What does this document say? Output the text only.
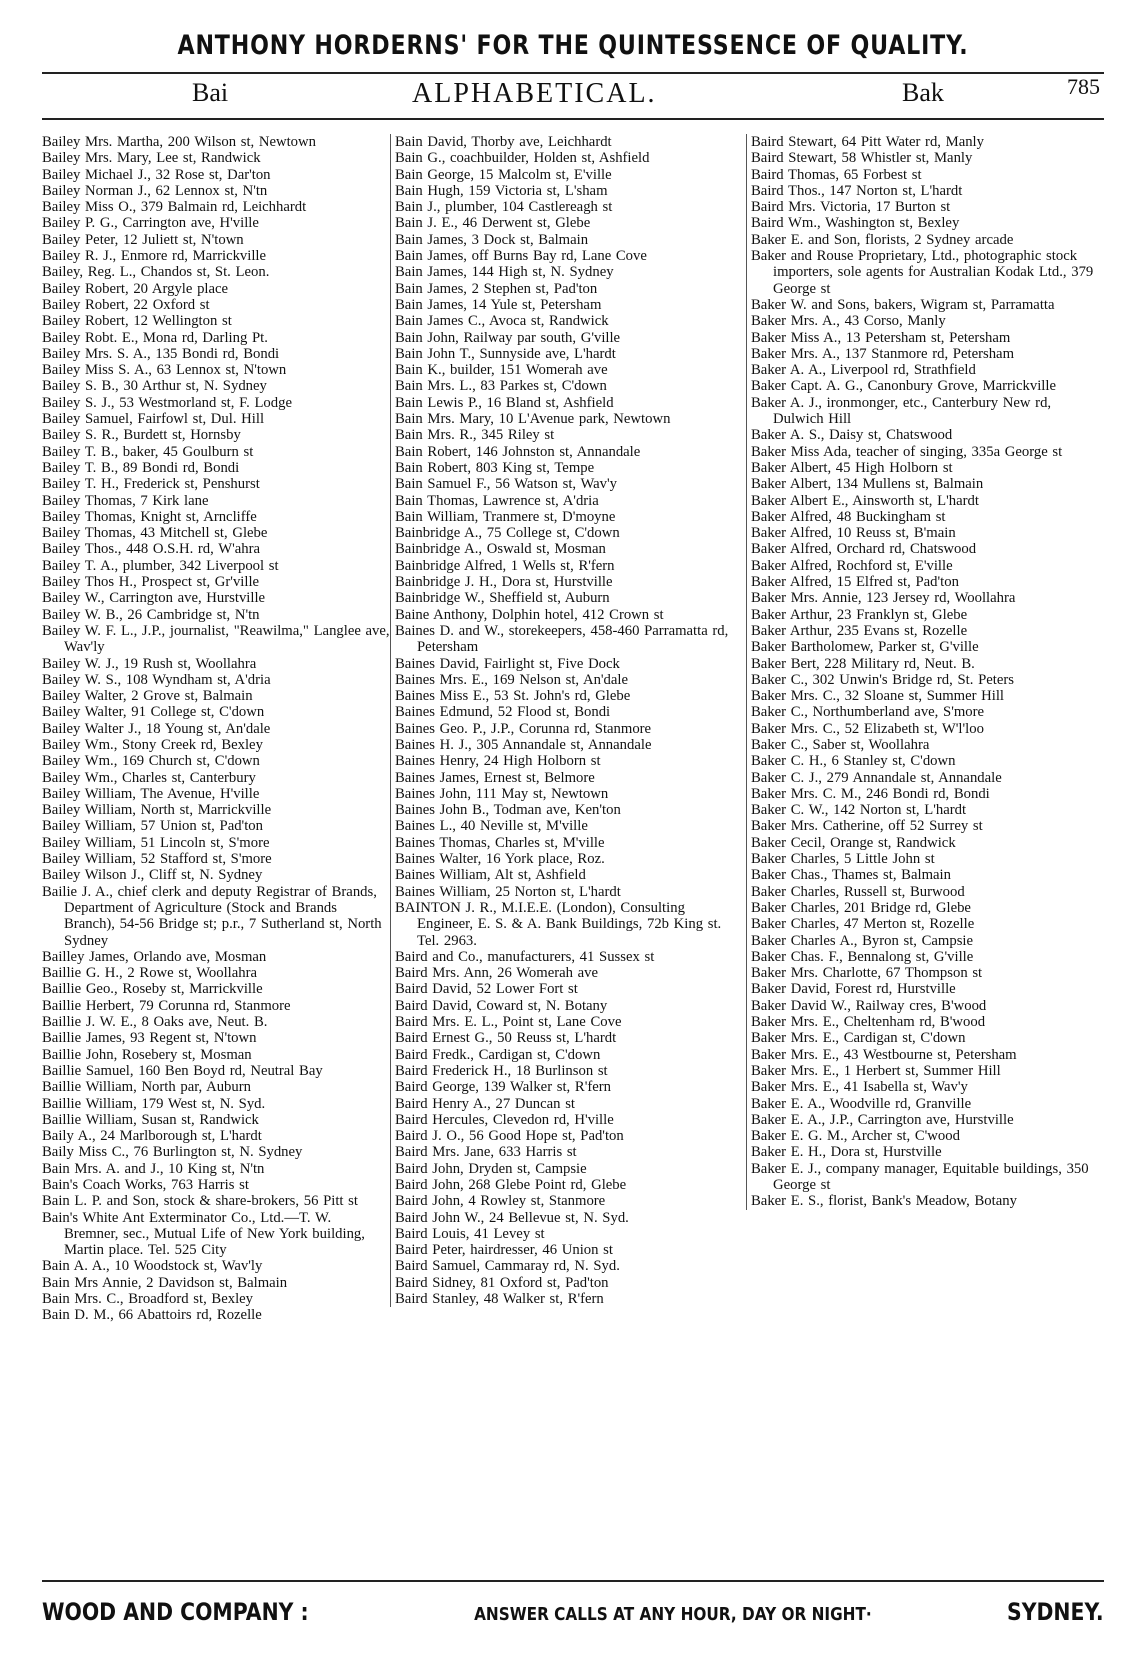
ANTHONY HORDERNS' FOR THE QUINTESSENCE OF QUALITY.
Bai	ALPHABETICAL.	Bak	785
Bailey Mrs. Martha, 200 Wilson st, Newtown
Bailey Mrs. Mary, Lee st, Randwick
Bailey Michael J., 32 Rose st, Dar'ton
Bailey Norman J., 62 Lennox st, N'tn
Bailey Miss O., 379 Balmain rd, Leichhardt
Bailey P. G., Carrington ave, H'ville
Bailey Peter, 12 Juliett st, N'town
Bailey R. J., Enmore rd, Marrickville
Bailey, Reg. L., Chandos st, St. Leon.
Bailey Robert, 20 Argyle place
Bailey Robert, 22 Oxford st
Bailey Robert, 12 Wellington st
Bailey Robt. E., Mona rd, Darling Pt.
Bailey Mrs. S. A., 135 Bondi rd, Bondi
Bailey Miss S. A., 63 Lennox st, N'town
Bailey S. B., 30 Arthur st, N. Sydney
Bailey S. J., 53 Westmorland st, F. Lodge
Bailey Samuel, Fairfowl st, Dul. Hill
Bailey S. R., Burdett st, Hornsby
Bailey T. B., baker, 45 Goulburn st
Bailey T. B., 89 Bondi rd, Bondi
Bailey T. H., Frederick st, Penshurst
Bailey Thomas, 7 Kirk lane
Bailey Thomas, Knight st, Arncliffe
Bailey Thomas, 43 Mitchell st, Glebe
Bailey Thos., 448 O.S.H. rd, W'ahra
Bailey T. A., plumber, 342 Liverpool st
Bailey Thos H., Prospect st, Gr'ville
Bailey W., Carrington ave, Hurstville
Bailey W. B., 26 Cambridge st, N'tn
Bailey W. F. L., J.P., journalist, "Reawilma," Langlee ave, Wav'ly
Bailey W. J., 19 Rush st, Woollahra
Bailey W. S., 108 Wyndham st, A'dria
Bailey Walter, 2 Grove st, Balmain
Bailey Walter, 91 College st, C'down
Bailey Walter J., 18 Young st, An'dale
Bailey Wm., Stony Creek rd, Bexley
Bailey Wm., 169 Church st, C'down
Bailey Wm., Charles st, Canterbury
Bailey William, The Avenue, H'ville
Bailey William, North st, Marrickville
Bailey William, 57 Union st, Pad'ton
Bailey William, 51 Lincoln st, S'more
Bailey William, 52 Stafford st, S'more
Bailey Wilson J., Cliff st, N. Sydney
Bailie J. A., chief clerk and deputy Registrar of Brands, Department of Agriculture (Stock and Brands Branch), 54-56 Bridge st; p.r., 7 Sutherland st, North Sydney
Bailley James, Orlando ave, Mosman
Baillie G. H., 2 Rowe st, Woollahra
Baillie Geo., Roseby st, Marrickville
Baillie Herbert, 79 Corunna rd, Stanmore
Baillie J. W. E., 8 Oaks ave, Neut. B.
Baillie James, 93 Regent st, N'town
Baillie John, Rosebery st, Mosman
Baillie Samuel, 160 Ben Boyd rd, Neutral Bay
Baillie William, North par, Auburn
Baillie William, 179 West st, N. Syd.
Baillie William, Susan st, Randwick
Baily A., 24 Marlborough st, L'hardt
Baily Miss C., 76 Burlington st, N. Sydney
Bain Mrs. A. and J., 10 King st, N'tn
Bain's Coach Works, 763 Harris st
Bain L. P. and Son, stock & share-brokers, 56 Pitt st
Bain's White Ant Exterminator Co., Ltd.—T. W. Bremner, sec., Mutual Life of New York building, Martin place. Tel. 525 City
Bain A. A., 10 Woodstock st, Wav'ly
Bain Mrs Annie, 2 Davidson st, Balmain
Bain Mrs. C., Broadford st, Bexley
Bain D. M., 66 Abattoirs rd, Rozelle
Bain David, Thorby ave, Leichhardt
Bain G., coachbuilder, Holden st, Ashfield
Bain George, 15 Malcolm st, E'ville
Bain Hugh, 159 Victoria st, L'sham
Bain J., plumber, 104 Castlereagh st
Bain J. E., 46 Derwent st, Glebe
Bain James, 3 Dock st, Balmain
Bain James, off Burns Bay rd, Lane Cove
Bain James, 144 High st, N. Sydney
Bain James, 2 Stephen st, Pad'ton
Bain James, 14 Yule st, Petersham
Bain James C., Avoca st, Randwick
Bain John, Railway par south, G'ville
Bain John T., Sunnyside ave, L'hardt
Bain K., builder, 151 Womerah ave
Bain Mrs. L., 83 Parkes st, C'down
Bain Lewis P., 16 Bland st, Ashfield
Bain Mrs. Mary, 10 L'Avenue park, Newtown
Bain Mrs. R., 345 Riley st
Bain Robert, 146 Johnston st, Annandale
Bain Robert, 803 King st, Tempe
Bain Samuel F., 56 Watson st, Wav'y
Bain Thomas, Lawrence st, A'dria
Bain William, Tranmere st, D'moyne
Bainbridge A., 75 College st, C'down
Bainbridge A., Oswald st, Mosman
Bainbridge Alfred, 1 Wells st, R'fern
Bainbridge J. H., Dora st, Hurstville
Bainbridge W., Sheffield st, Auburn
Baine Anthony, Dolphin hotel, 412 Crown st
Baines D. and W., storekeepers, 458-460 Parramatta rd, Petersham
Baines David, Fairlight st, Five Dock
Baines Mrs. E., 169 Nelson st, An'dale
Baines Miss E., 53 St. John's rd, Glebe
Baines Edmund, 52 Flood st, Bondi
Baines Geo. P., J.P., Corunna rd, Stanmore
Baines H. J., 305 Annandale st, Annandale
Baines Henry, 24 High Holborn st
Baines James, Ernest st, Belmore
Baines John, 111 May st, Newtown
Baines John B., Todman ave, Ken'ton
Baines L., 40 Neville st, M'ville
Baines Thomas, Charles st, M'ville
Baines Walter, 16 York place, Roz.
Baines William, Alt st, Ashfield
Baines William, 25 Norton st, L'hardt
BAINTON J. R., M.I.E.E. (London), Consulting Engineer, E. S. & A. Bank Buildings, 72b King st. Tel. 2963.
Baird and Co., manufacturers, 41 Sussex st
Baird Mrs. Ann, 26 Womerah ave
Baird David, 52 Lower Fort st
Baird David, Coward st, N. Botany
Baird Mrs. E. L., Point st, Lane Cove
Baird Ernest G., 50 Reuss st, L'hardt
Baird Fredk., Cardigan st, C'down
Baird Frederick H., 18 Burlinson st
Baird George, 139 Walker st, R'fern
Baird Henry A., 27 Duncan st
Baird Hercules, Clevedon rd, H'ville
Baird J. O., 56 Good Hope st, Pad'ton
Baird Mrs. Jane, 633 Harris st
Baird John, Dryden st, Campsie
Baird John, 268 Glebe Point rd, Glebe
Baird John, 4 Rowley st, Stanmore
Baird John W., 24 Bellevue st, N. Syd.
Baird Louis, 41 Levey st
Baird Peter, hairdresser, 46 Union st
Baird Samuel, Cammaray rd, N. Syd.
Baird Sidney, 81 Oxford st, Pad'ton
Baird Stanley, 48 Walker st, R'fern
Baird Stewart, 64 Pitt Water rd, Manly
Baird Stewart, 58 Whistler st, Manly
Baird Thomas, 65 Forbest st
Baird Thos., 147 Norton st, L'hardt
Baird Mrs. Victoria, 17 Burton st
Baird Wm., Washington st, Bexley
Baker E. and Son, florists, 2 Sydney arcade
Baker and Rouse Proprietary, Ltd., photographic stock importers, sole agents for Australian Kodak Ltd., 379 George st
Baker W. and Sons, bakers, Wigram st, Parramatta
Baker Mrs. A., 43 Corso, Manly
Baker Miss A., 13 Petersham st, Petersham
Baker Mrs. A., 137 Stanmore rd, Petersham
Baker A. A., Liverpool rd, Strathfield
Baker Capt. A. G., Canonbury Grove, Marrickville
Baker A. J., ironmonger, etc., Canterbury New rd, Dulwich Hill
Baker A. S., Daisy st, Chatswood
Baker Miss Ada, teacher of singing, 335a George st
Baker Albert, 45 High Holborn st
Baker Albert, 134 Mullens st, Balmain
Baker Albert E., Ainsworth st, L'hardt
Baker Alfred, 48 Buckingham st
Baker Alfred, 10 Reuss st, B'main
Baker Alfred, Orchard rd, Chatswood
Baker Alfred, Rochford st, E'ville
Baker Alfred, 15 Elfred st, Pad'ton
Baker Mrs. Annie, 123 Jersey rd, Woollahra
Baker Arthur, 23 Franklyn st, Glebe
Baker Arthur, 235 Evans st, Rozelle
Baker Bartholomew, Parker st, G'ville
Baker Bert, 228 Military rd, Neut. B.
Baker C., 302 Unwin's Bridge rd, St. Peters
Baker Mrs. C., 32 Sloane st, Summer Hill
Baker C., Northumberland ave, S'more
Baker Mrs. C., 52 Elizabeth st, W'l'loo
Baker C., Saber st, Woollahra
Baker C. H., 6 Stanley st, C'down
Baker C. J., 279 Annandale st, Annandale
Baker Mrs. C. M., 246 Bondi rd, Bondi
Baker C. W., 142 Norton st, L'hardt
Baker Mrs. Catherine, off 52 Surrey st
Baker Cecil, Orange st, Randwick
Baker Charles, 5 Little John st
Baker Chas., Thames st, Balmain
Baker Charles, Russell st, Burwood
Baker Charles, 201 Bridge rd, Glebe
Baker Charles, 47 Merton st, Rozelle
Baker Charles A., Byron st, Campsie
Baker Chas. F., Bennalong st, G'ville
Baker Mrs. Charlotte, 67 Thompson st
Baker David, Forest rd, Hurstville
Baker David W., Railway cres, B'wood
Baker Mrs. E., Cheltenham rd, B'wood
Baker Mrs. E., Cardigan st, C'down
Baker Mrs. E., 43 Westbourne st, Petersham
Baker Mrs. E., 1 Herbert st, Summer Hill
Baker Mrs. E., 41 Isabella st, Wav'y
Baker E. A., Woodville rd, Granville
Baker E. A., J.P., Carrington ave, Hurstville
Baker E. G. M., Archer st, C'wood
Baker E. H., Dora st, Hurstville
Baker E. J., company manager, Equitable buildings, 350 George st
Baker E. S., florist, Bank's Meadow, Botany
WOOD AND COMPANY :	ANSWER CALLS AT ANY HOUR, DAY OR NIGHT·	SYDNEY.
